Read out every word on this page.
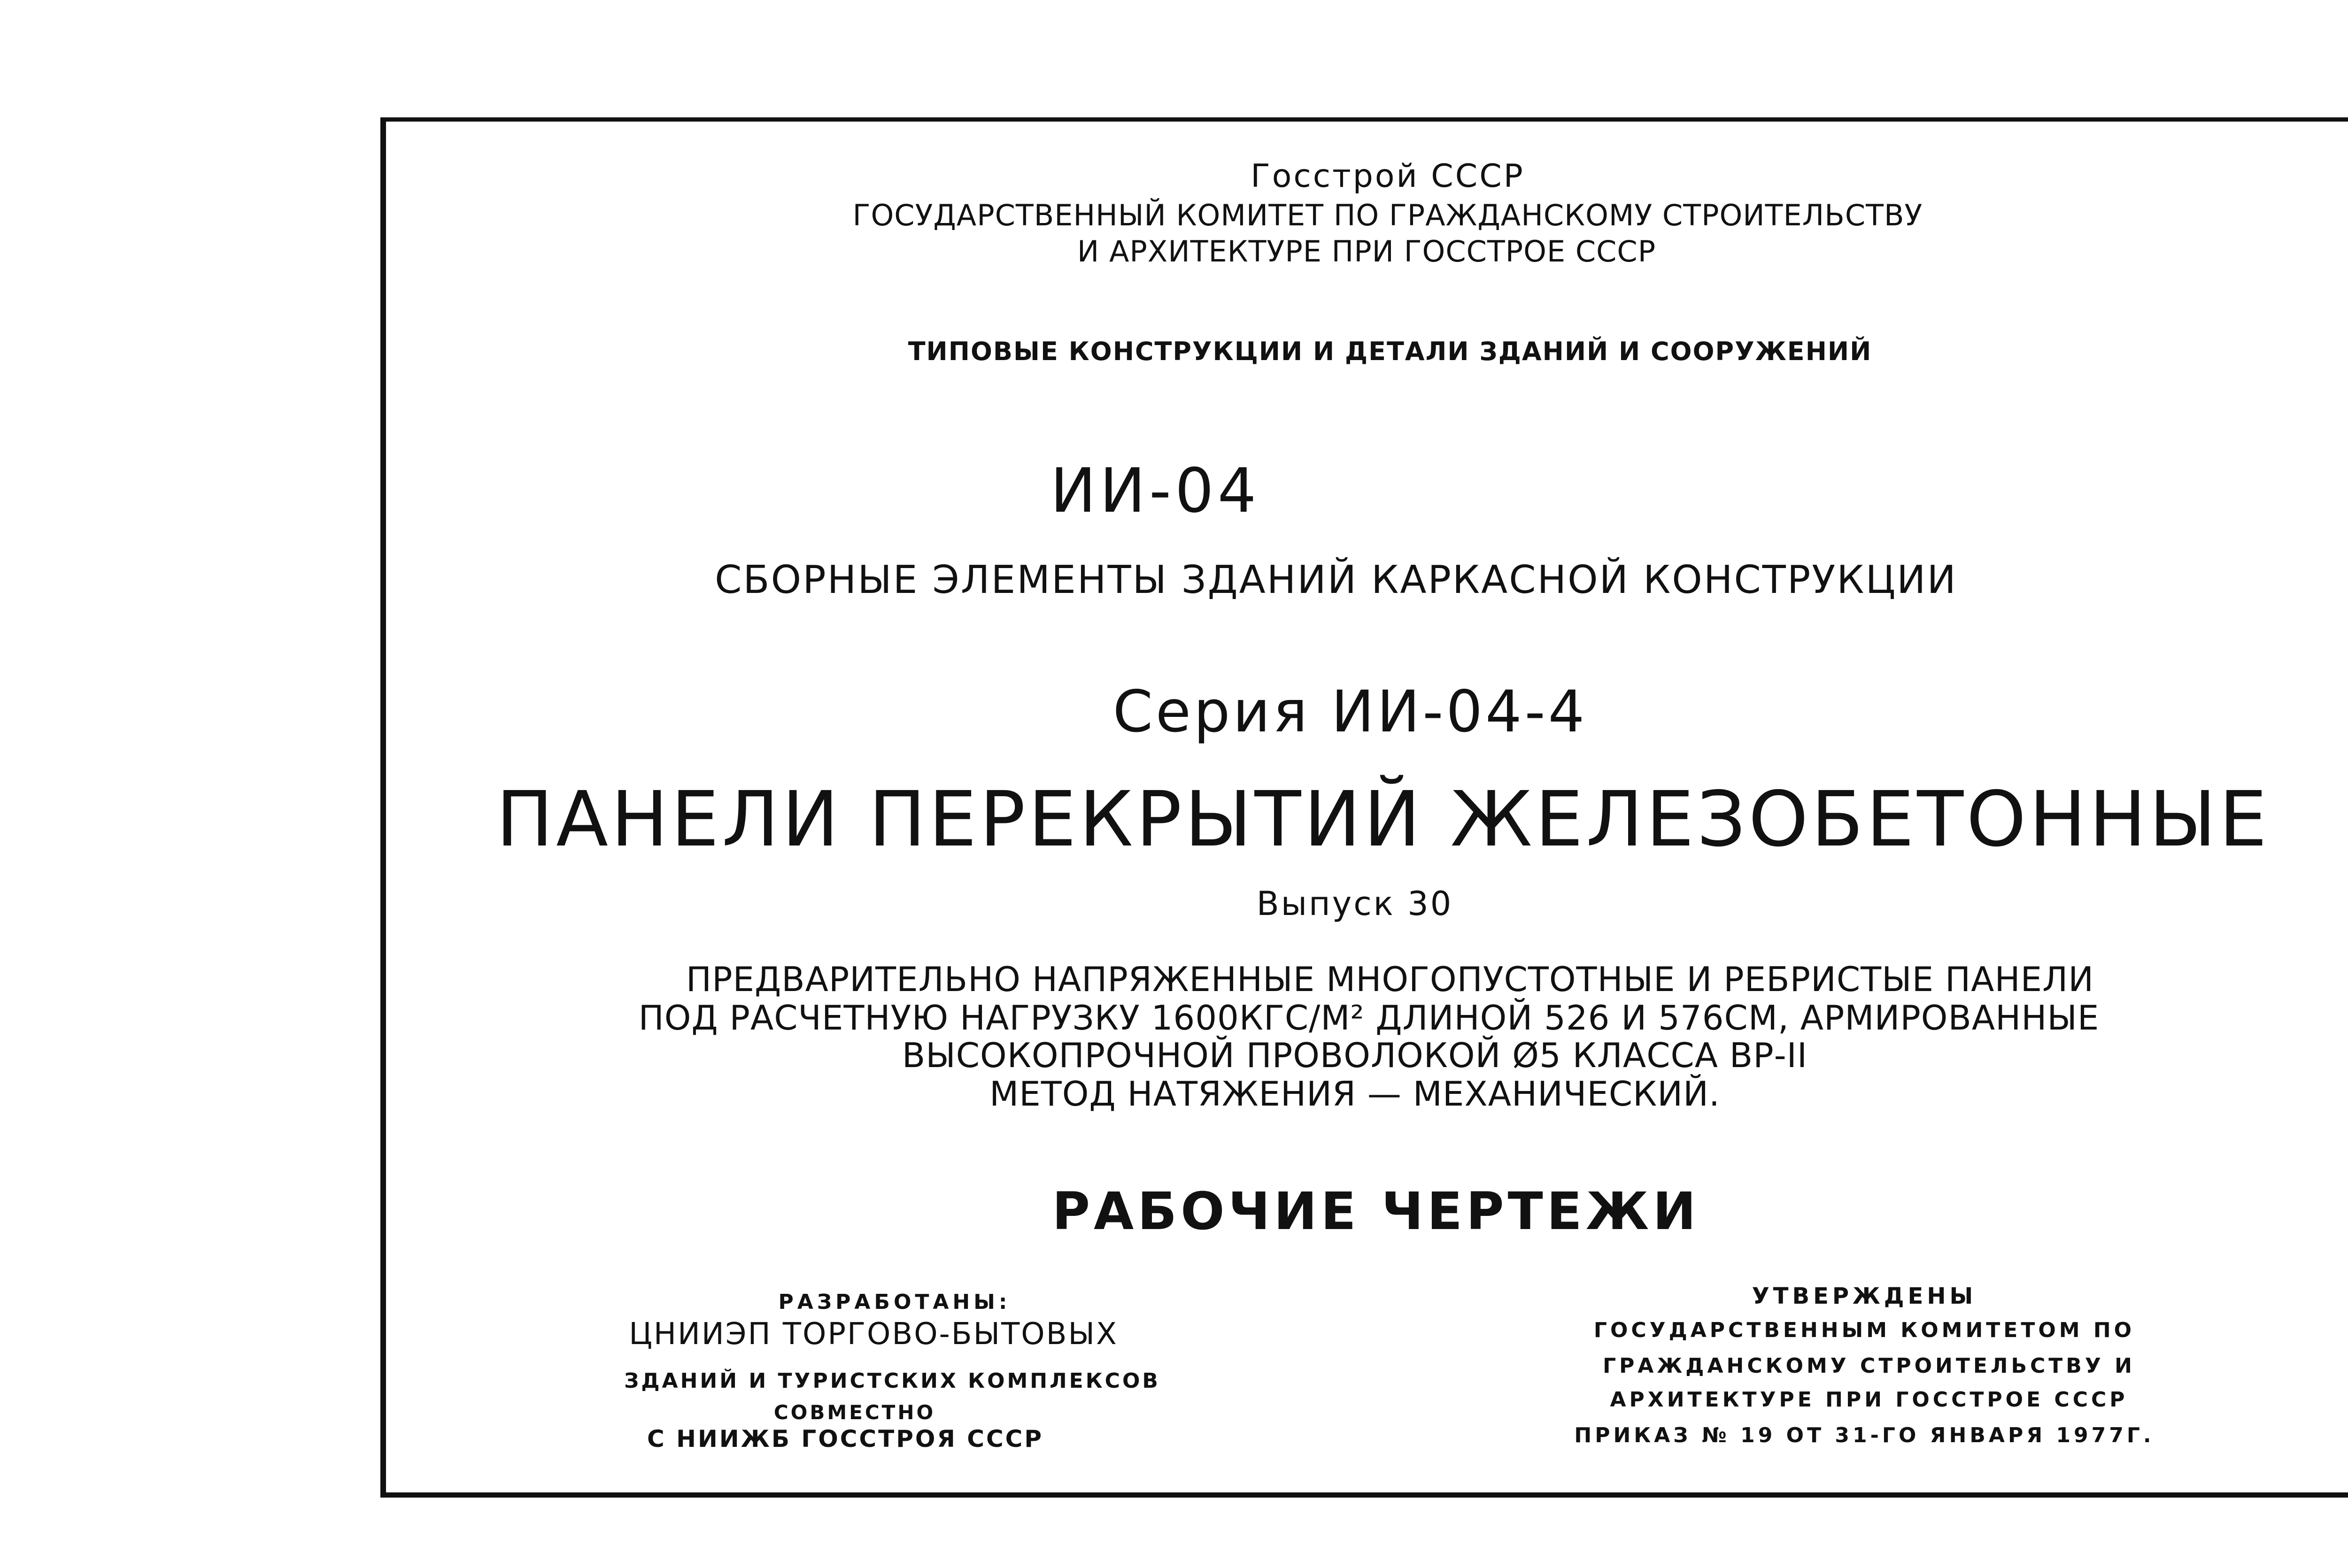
Госстрой СССР
ГОСУДАРСТВЕННЫЙ КОМИТЕТ ПО ГРАЖДАНСКОМУ СТРОИТЕЛЬСТВУ
И АРХИТЕКТУРЕ ПРИ ГОССТРОЕ СССР
ТИПОВЫЕ КОНСТРУКЦИИ И ДЕТАЛИ ЗДАНИЙ И СООРУЖЕНИЙ
ИИ-04
СБОРНЫЕ ЭЛЕМЕНТЫ ЗДАНИЙ КАРКАСНОЙ КОНСТРУКЦИИ
Серия ИИ-04-4
ПАНЕЛИ ПЕРЕКРЫТИЙ ЖЕЛЕЗОБЕТОННЫЕ
Выпуск 30
ПРЕДВАРИТЕЛЬНО НАПРЯЖЕННЫЕ МНОГОПУСТОТНЫЕ И РЕБРИСТЫЕ ПАНЕЛИ
ПОД РАСЧЕТНУЮ НАГРУЗКУ 1600КГС/М² ДЛИНОЙ 526 И 576СМ, АРМИРОВАННЫЕ
ВЫСОКОПРОЧНОЙ ПРОВОЛОКОЙ Ø5 КЛАССА ВР-II
МЕТОД НАТЯЖЕНИЯ — МЕХАНИЧЕСКИЙ.
РАБОЧИЕ ЧЕРТЕЖИ
РАЗРАБОТАНЫ:
ЦНИИЭП ТОРГОВО-БЫТОВЫХ
ЗДАНИЙ И ТУРИСТСКИХ КОМПЛЕКСОВ
СОВМЕСТНО
С НИИЖБ ГОССТРОЯ СССР
УТВЕРЖДЕНЫ
ГОСУДАРСТВЕННЫМ КОМИТЕТОМ ПО
ГРАЖДАНСКОМУ СТРОИТЕЛЬСТВУ И
АРХИТЕКТУРЕ ПРИ ГОССТРОЕ СССР
ПРИКАЗ № 19 ОТ 31-ГО ЯНВАРЯ 1977Г.
